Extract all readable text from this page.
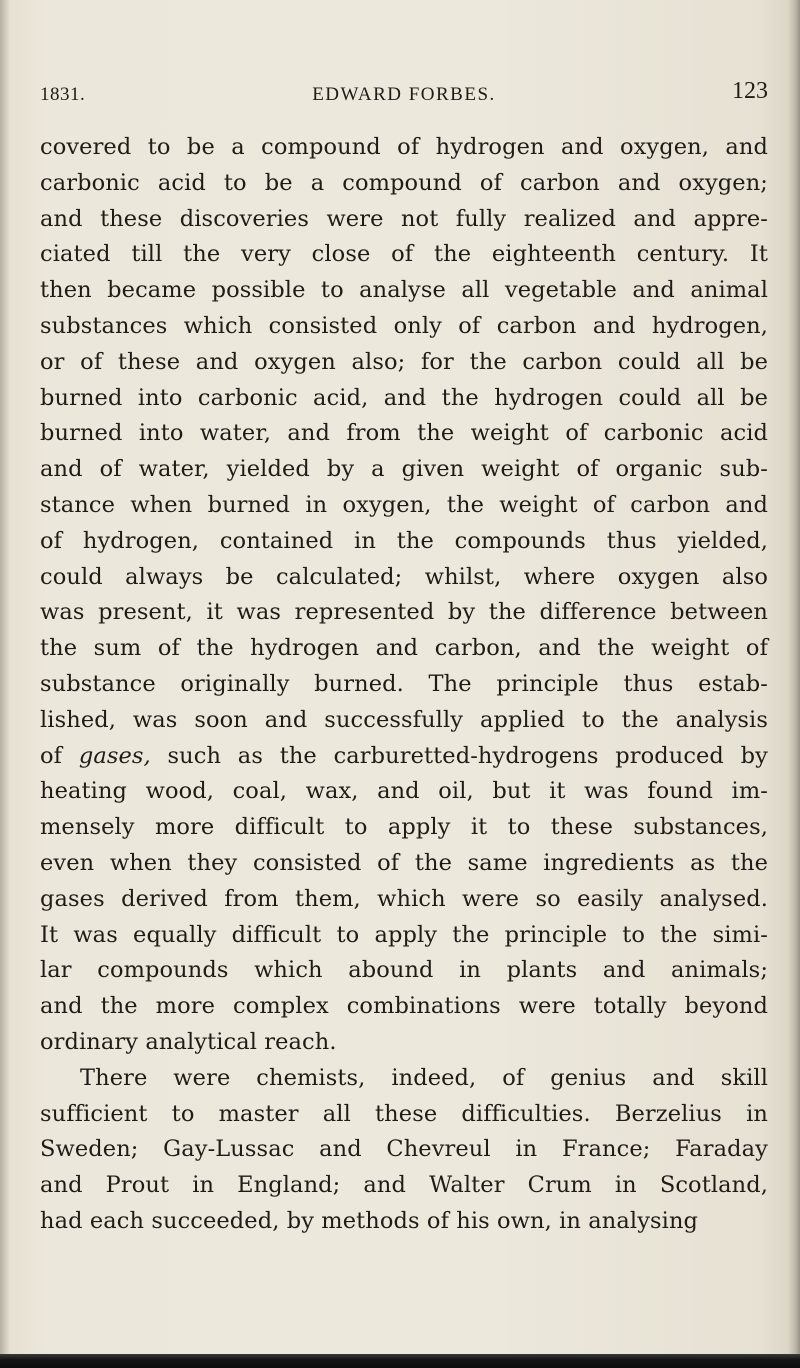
1831.	EDWARD FORBES.	123
covered to be a compound of hydrogen and oxygen, and
carbonic acid to be a compound of carbon and oxygen;
and these discoveries were not fully realized and appre-
ciated till the very close of the eighteenth century. It
then became possible to analyse all vegetable and animal
substances which consisted only of carbon and hydrogen,
or of these and oxygen also; for the carbon could all be
burned into carbonic acid, and the hydrogen could all be
burned into water, and from the weight of carbonic acid
and of water, yielded by a given weight of organic sub-
stance when burned in oxygen, the weight of carbon and
of hydrogen, contained in the compounds thus yielded,
could always be calculated; whilst, where oxygen also
was present, it was represented by the difference between
the sum of the hydrogen and carbon, and the weight of
substance originally burned. The principle thus estab-
lished, was soon and successfully applied to the analysis
of gases, such as the carburetted-hydrogens produced by
heating wood, coal, wax, and oil, but it was found im-
mensely more difficult to apply it to these substances,
even when they consisted of the same ingredients as the
gases derived from them, which were so easily analysed.
It was equally difficult to apply the principle to the simi-
lar compounds which abound in plants and animals;
and the more complex combinations were totally beyond
ordinary analytical reach.
There were chemists, indeed, of genius and skill
sufficient to master all these difficulties. Berzelius in
Sweden; Gay-Lussac and Chevreul in France; Faraday
and Prout in England; and Walter Crum in Scotland,
had each succeeded, by methods of his own, in analysing
